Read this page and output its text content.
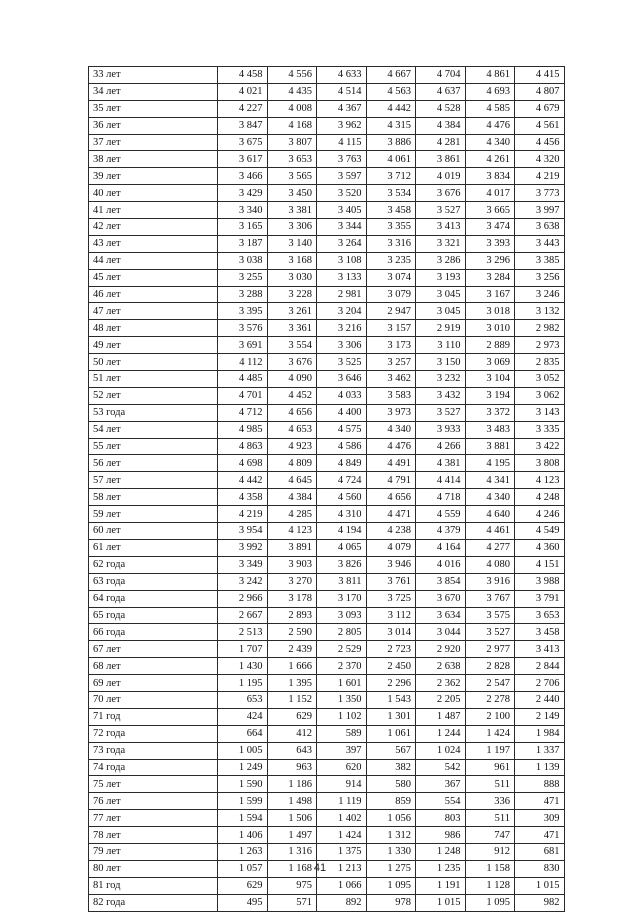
33 лет	4 458	4 556	4 633	4 667	4 704	4 861	4 415
34 лет	4 021	4 435	4 514	4 563	4 637	4 693	4 807
35 лет	4 227	4 008	4 367	4 442	4 528	4 585	4 679
36 лет	3 847	4 168	3 962	4 315	4 384	4 476	4 561
37 лет	3 675	3 807	4 115	3 886	4 281	4 340	4 456
38 лет	3 617	3 653	3 763	4 061	3 861	4 261	4 320
39 лет	3 466	3 565	3 597	3 712	4 019	3 834	4 219
40 лет	3 429	3 450	3 520	3 534	3 676	4 017	3 773
41 лет	3 340	3 381	3 405	3 458	3 527	3 665	3 997
42 лет	3 165	3 306	3 344	3 355	3 413	3 474	3 638
43 лет	3 187	3 140	3 264	3 316	3 321	3 393	3 443
44 лет	3 038	3 168	3 108	3 235	3 286	3 296	3 385
45 лет	3 255	3 030	3 133	3 074	3 193	3 284	3 256
46 лет	3 288	3 228	2 981	3 079	3 045	3 167	3 246
47 лет	3 395	3 261	3 204	2 947	3 045	3 018	3 132
48 лет	3 576	3 361	3 216	3 157	2 919	3 010	2 982
49 лет	3 691	3 554	3 306	3 173	3 110	2 889	2 973
50 лет	4 112	3 676	3 525	3 257	3 150	3 069	2 835
51 лет	4 485	4 090	3 646	3 462	3 232	3 104	3 052
52 лет	4 701	4 452	4 033	3 583	3 432	3 194	3 062
53 года	4 712	4 656	4 400	3 973	3 527	3 372	3 143
54 лет	4 985	4 653	4 575	4 340	3 933	3 483	3 335
55 лет	4 863	4 923	4 586	4 476	4 266	3 881	3 422
56 лет	4 698	4 809	4 849	4 491	4 381	4 195	3 808
57 лет	4 442	4 645	4 724	4 791	4 414	4 341	4 123
58 лет	4 358	4 384	4 560	4 656	4 718	4 340	4 248
59 лет	4 219	4 285	4 310	4 471	4 559	4 640	4 246
60 лет	3 954	4 123	4 194	4 238	4 379	4 461	4 549
61 лет	3 992	3 891	4 065	4 079	4 164	4 277	4 360
62 года	3 349	3 903	3 826	3 946	4 016	4 080	4 151
63 года	3 242	3 270	3 811	3 761	3 854	3 916	3 988
64 года	2 966	3 178	3 170	3 725	3 670	3 767	3 791
65 года	2 667	2 893	3 093	3 112	3 634	3 575	3 653
66 года	2 513	2 590	2 805	3 014	3 044	3 527	3 458
67 лет	1 707	2 439	2 529	2 723	2 920	2 977	3 413
68 лет	1 430	1 666	2 370	2 450	2 638	2 828	2 844
69 лет	1 195	1 395	1 601	2 296	2 362	2 547	2 706
70 лет	653	1 152	1 350	1 543	2 205	2 278	2 440
71 год	424	629	1 102	1 301	1 487	2 100	2 149
72 года	664	412	589	1 061	1 244	1 424	1 984
73 года	1 005	643	397	567	1 024	1 197	1 337
74 года	1 249	963	620	382	542	961	1 139
75 лет	1 590	1 186	914	580	367	511	888
76 лет	1 599	1 498	1 119	859	554	336	471
77 лет	1 594	1 506	1 402	1 056	803	511	309
78 лет	1 406	1 497	1 424	1 312	986	747	471
79 лет	1 263	1 316	1 375	1 330	1 248	912	681
80 лет	1 057	1 168	1 213	1 275	1 235	1 158	830
81 год	629	975	1 066	1 095	1 191	1 128	1 015
82 года	495	571	892	978	1 015	1 095	982
41
